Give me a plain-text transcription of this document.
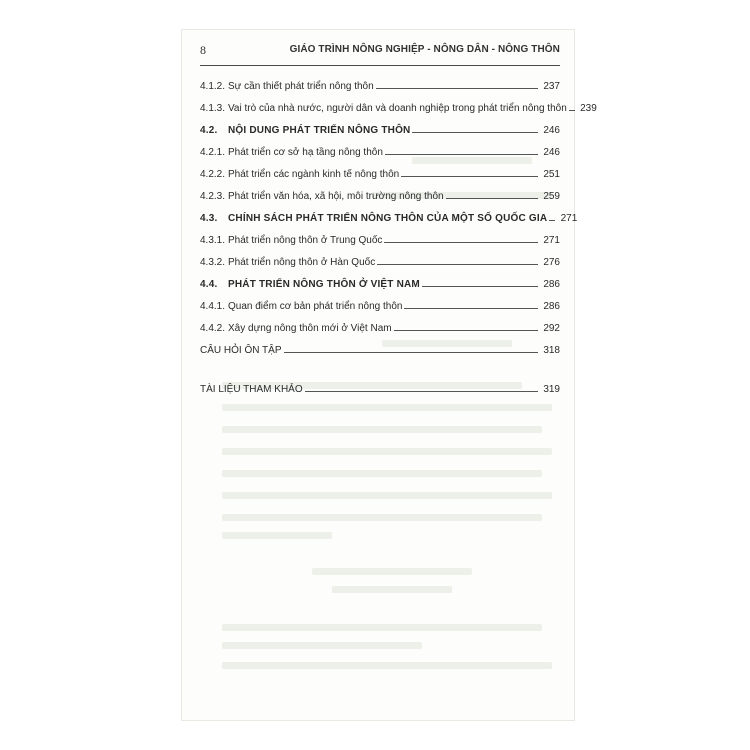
8	GIÁO TRÌNH NÔNG NGHIỆP - NÔNG DÂN - NÔNG THÔN
4.1.2. Sự cần thiết phát triển nông thôn	237
4.1.3. Vai trò của nhà nước, người dân và doanh nghiệp trong phát triển nông thôn	239
4.2.	NỘI DUNG PHÁT TRIỂN NÔNG THÔN	246
4.2.1. Phát triển cơ sở hạ tầng nông thôn	246
4.2.2. Phát triển các ngành kinh tế nông thôn	251
4.2.3. Phát triển văn hóa, xã hội, môi trường nông thôn	259
4.3.	CHÍNH SÁCH PHÁT TRIỂN NÔNG THÔN CỦA MỘT SỐ QUỐC GIA	271
4.3.1. Phát triển nông thôn ở Trung Quốc	271
4.3.2. Phát triển nông thôn ở Hàn Quốc	276
4.4.	PHÁT TRIỂN NÔNG THÔN Ở VIỆT NAM	286
4.4.1. Quan điểm cơ bản phát triển nông thôn	286
4.4.2. Xây dựng nông thôn mới ở Việt Nam	292
CÂU HỎI ÔN TẬP	318
TÀI LIỆU THAM KHẢO	319
